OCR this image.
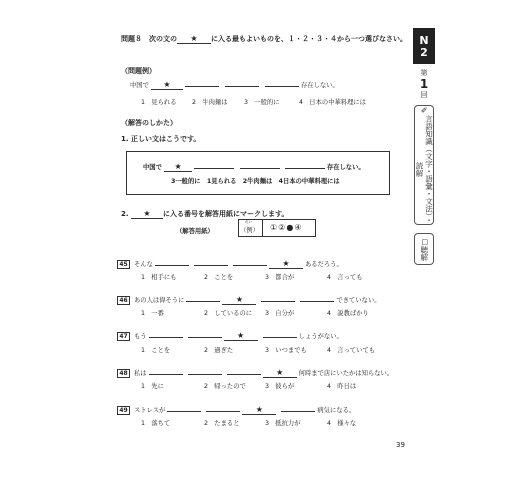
問題８　次の文の ★ に入る最もよいものを、１・２・３・４から一つ選びなさい。
（問題例）
中国で ★	存在しない。
1　見られる 2　牛肉麺は	3　一般的に	4　日本の中華料理には
（解答のしかた）
1. 正しい文はこうです。
中国で ★	存在しない。
3一般的に　1見られる　2牛肉麺は　4日本の中華料理には
2. ★ に入る番号を解答用紙にマークします。
（解答用紙）
れい
（例） ①②●④
45 そんな	★ あるだろう。
1　相手にも	2　ことを	3　都合が	4　言っても
46 あの人は偉そうに	★	できていない。
1　一番	2　しているのに 3　自分が	4　説教ばかり
47 もう	★	しょうがない。
1　ことを	2　過ぎた	3　いつまでも	4　言っていても
48 私は	★ 何時まで店にいたかは知らない。
1　先に	2　帰ったので	3　彼らが	4　昨日は
49 ストレスが	★	病気になる。
1　落ちて	2　たまると	3　抵抗力が	4　様々な
N2
第
1
回
✐
言語知識（文字・語彙・文法）・読解
□
聴解
39
